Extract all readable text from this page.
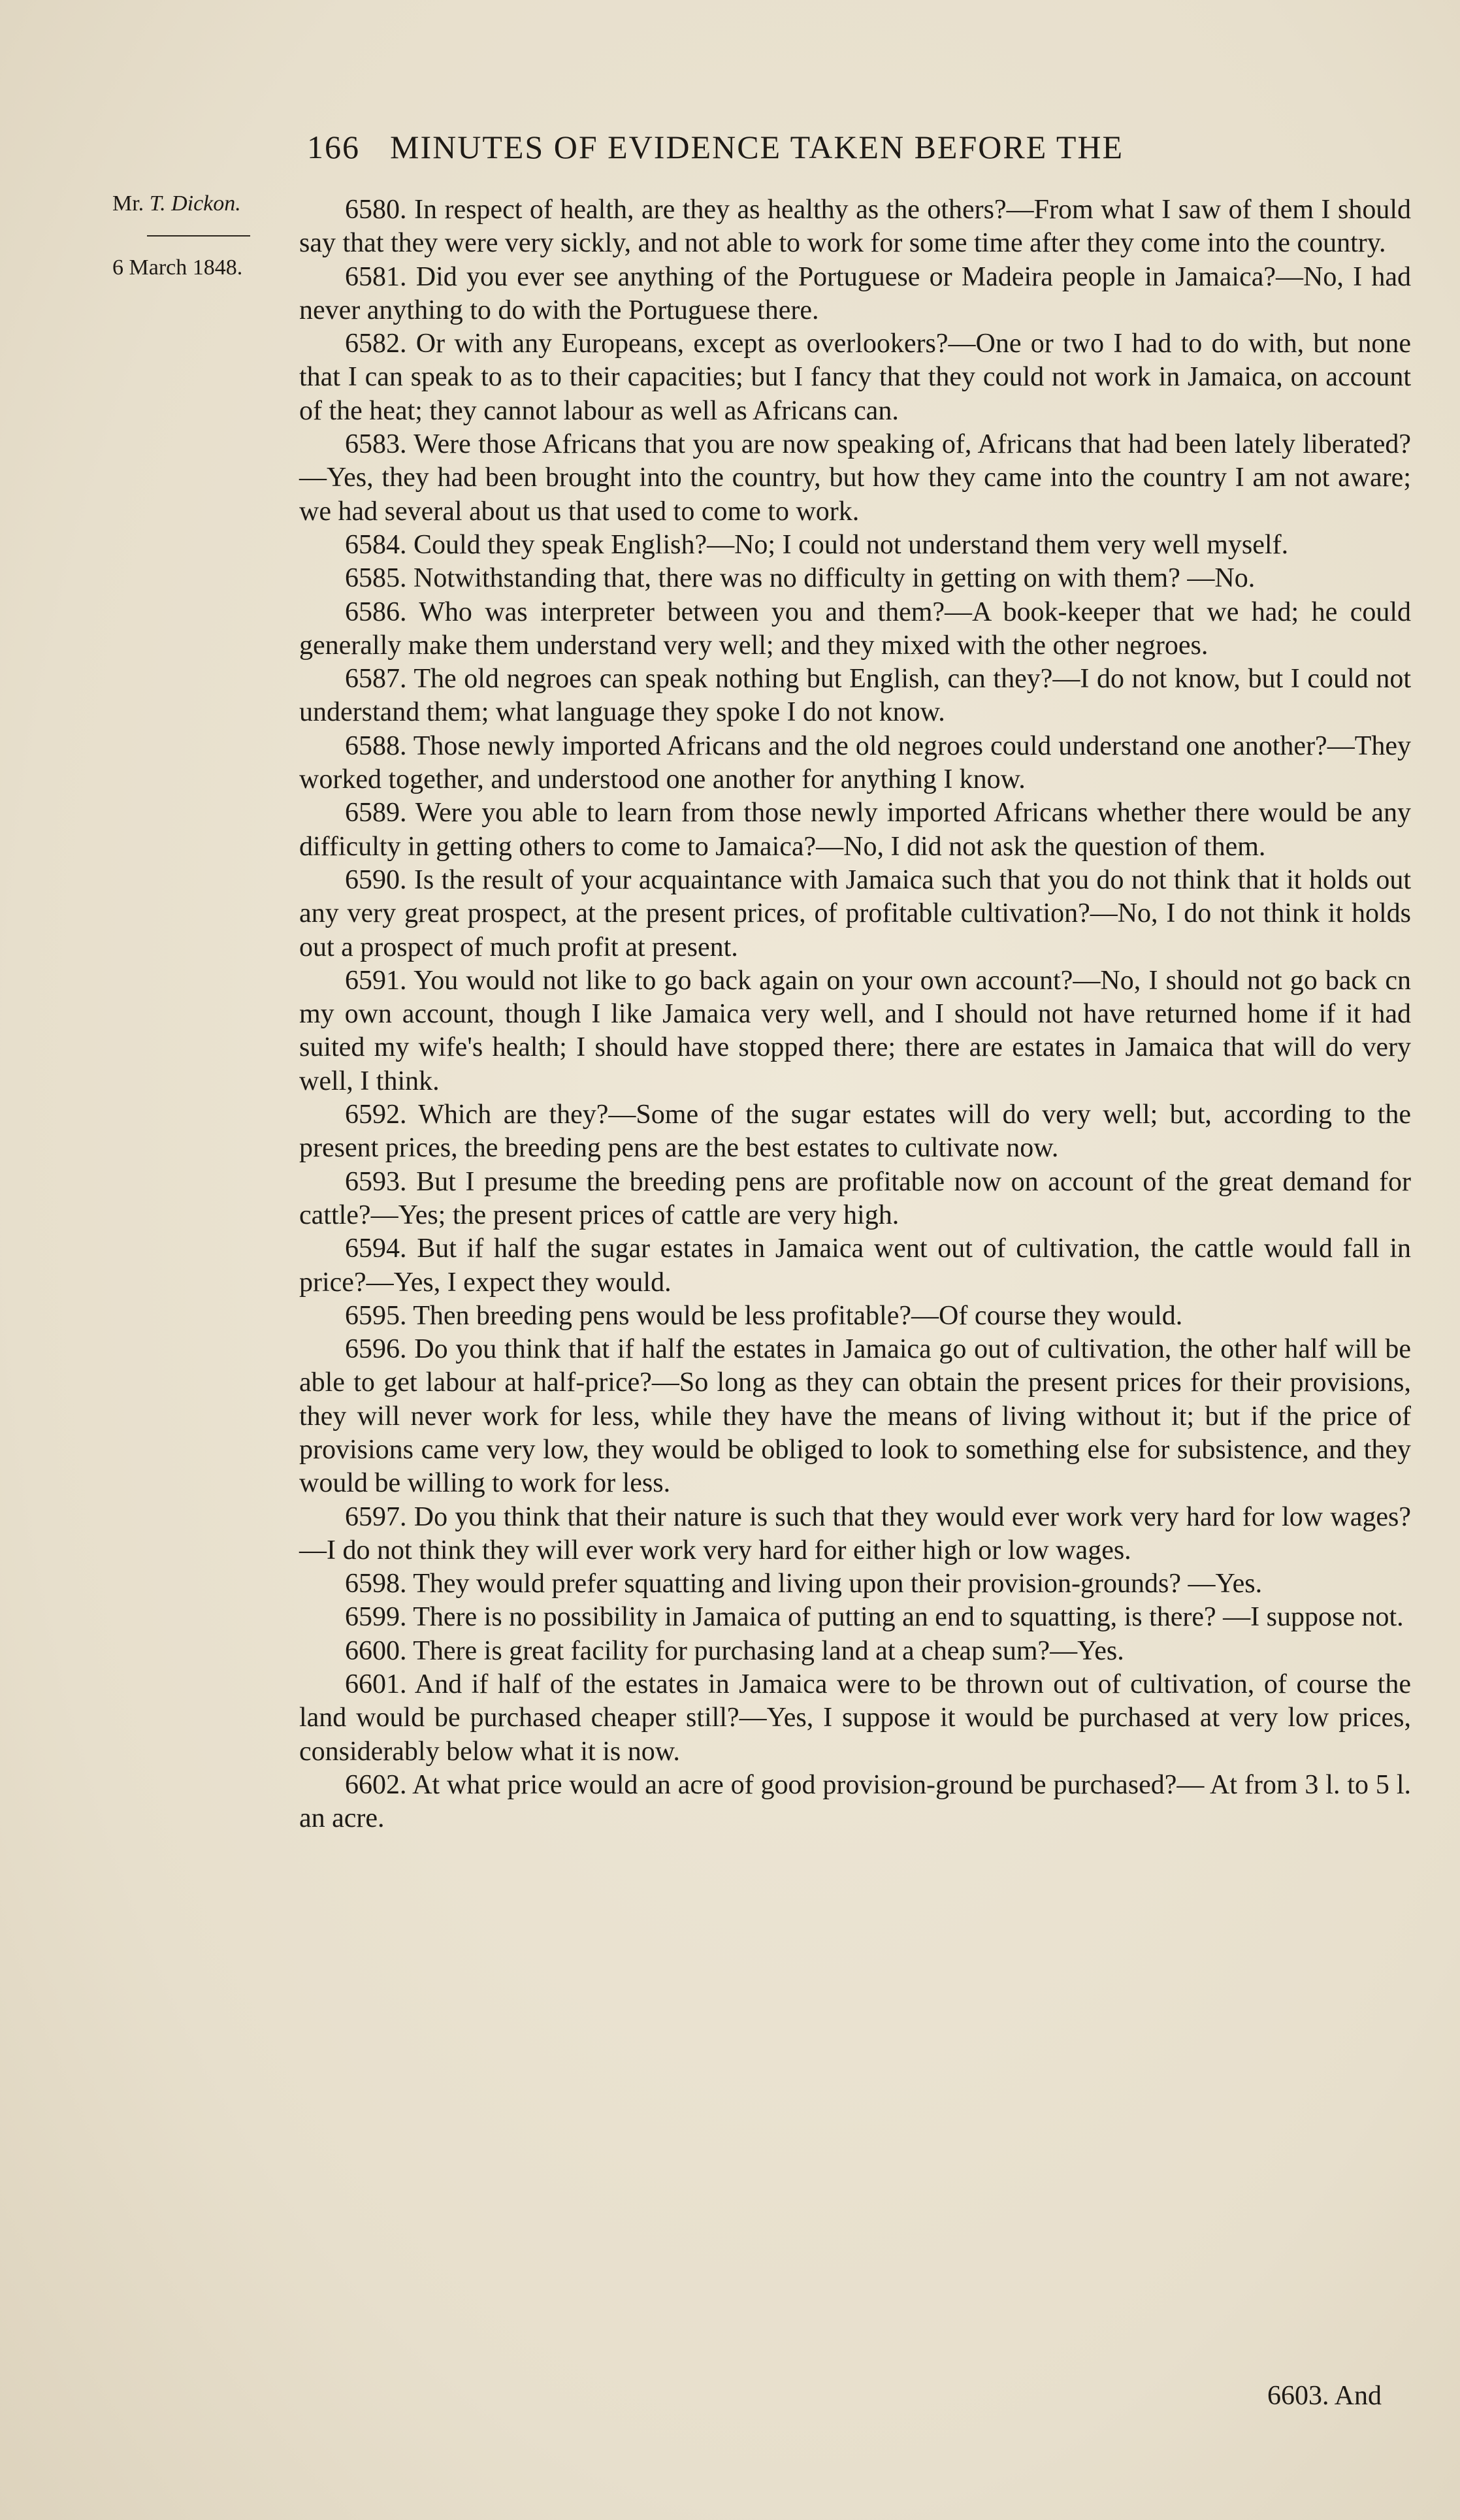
166 MINUTES OF EVIDENCE TAKEN BEFORE THE
Mr. T. Dickon.
6 March 1848.

6580. In respect of health, are they as healthy as the others?—From what I saw of them I should say that they were very sickly, and not able to work for some time after they come into the country.

6581. Did you ever see anything of the Portuguese or Madeira people in Jamaica?—No, I had never anything to do with the Portuguese there.

6582. Or with any Europeans, except as overlookers?—One or two I had to do with, but none that I can speak to as to their capacities; but I fancy that they could not work in Jamaica, on account of the heat; they cannot labour as well as Africans can.

6583. Were those Africans that you are now speaking of, Africans that had been lately liberated?—Yes, they had been brought into the country, but how they came into the country I am not aware; we had several about us that used to come to work.

6584. Could they speak English?—No; I could not understand them very well myself.

6585. Notwithstanding that, there was no difficulty in getting on with them? —No.

6586. Who was interpreter between you and them?—A book-keeper that we had; he could generally make them understand very well; and they mixed with the other negroes.

6587. The old negroes can speak nothing but English, can they?—I do not know, but I could not understand them; what language they spoke I do not know.

6588. Those newly imported Africans and the old negroes could understand one another?—They worked together, and understood one another for anything I know.

6589. Were you able to learn from those newly imported Africans whether there would be any difficulty in getting others to come to Jamaica?—No, I did not ask the question of them.

6590. Is the result of your acquaintance with Jamaica such that you do not think that it holds out any very great prospect, at the present prices, of profitable cultivation?—No, I do not think it holds out a prospect of much profit at present.

6591. You would not like to go back again on your own account?—No, I should not go back cn my own account, though I like Jamaica very well, and I should not have returned home if it had suited my wife's health; I should have stopped there; there are estates in Jamaica that will do very well, I think.

6592. Which are they?—Some of the sugar estates will do very well; but, according to the present prices, the breeding pens are the best estates to cultivate now.

6593. But I presume the breeding pens are profitable now on account of the great demand for cattle?—Yes; the present prices of cattle are very high.

6594. But if half the sugar estates in Jamaica went out of cultivation, the cattle would fall in price?—Yes, I expect they would.

6595. Then breeding pens would be less profitable?—Of course they would.

6596. Do you think that if half the estates in Jamaica go out of cultivation, the other half will be able to get labour at half-price?—So long as they can obtain the present prices for their provisions, they will never work for less, while they have the means of living without it; but if the price of provisions came very low, they would be obliged to look to something else for subsistence, and they would be willing to work for less.

6597. Do you think that their nature is such that they would ever work very hard for low wages?—I do not think they will ever work very hard for either high or low wages.

6598. They would prefer squatting and living upon their provision-grounds? —Yes.

6599. There is no possibility in Jamaica of putting an end to squatting, is there? —I suppose not.

6600. There is great facility for purchasing land at a cheap sum?—Yes.

6601. And if half of the estates in Jamaica were to be thrown out of cultivation, of course the land would be purchased cheaper still?—Yes, I suppose it would be purchased at very low prices, considerably below what it is now.

6602. At what price would an acre of good provision-ground be purchased?— At from 3 l. to 5 l. an acre.

6603. And
